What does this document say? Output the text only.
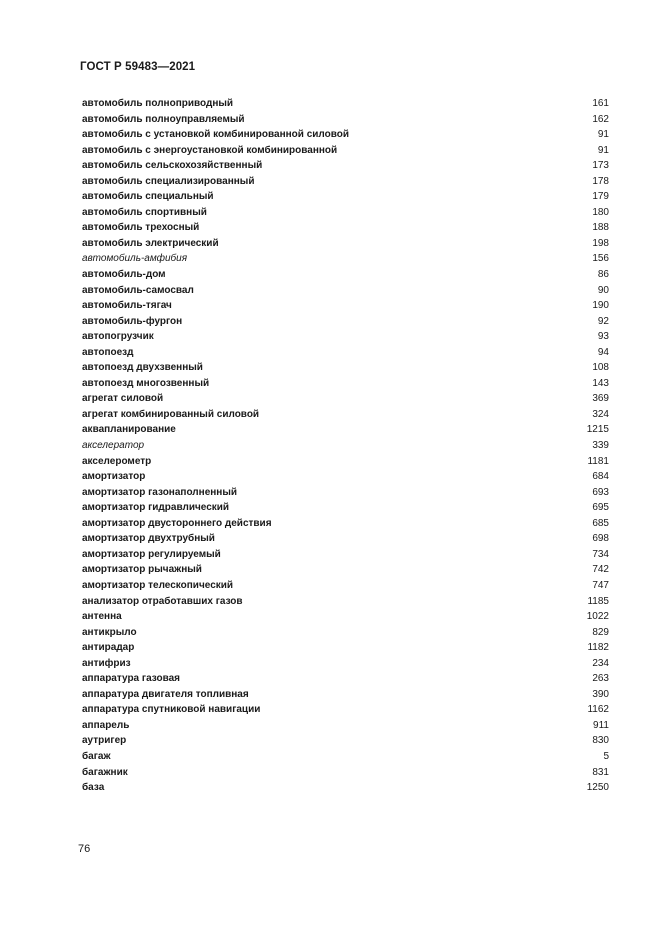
ГОСТ Р 59483—2021
автомобиль полноприводный	161
автомобиль полноуправляемый	162
автомобиль с установкой комбинированной силовой	91
автомобиль с энергоустановкой комбинированной	91
автомобиль сельскохозяйственный	173
автомобиль специализированный	178
автомобиль специальный	179
автомобиль спортивный	180
автомобиль трехосный	188
автомобиль электрический	198
автомобиль-амфибия	156
автомобиль-дом	86
автомобиль-самосвал	90
автомобиль-тягач	190
автомобиль-фургон	92
автопогрузчик	93
автопоезд	94
автопоезд двухзвенный	108
автопоезд многозвенный	143
агрегат силовой	369
агрегат комбинированный силовой	324
аквапланирование	1215
акселератор	339
акселерометр	1181
амортизатор	684
амортизатор газонаполненный	693
амортизатор гидравлический	695
амортизатор двустороннего действия	685
амортизатор двухтрубный	698
амортизатор регулируемый	734
амортизатор рычажный	742
амортизатор телескопический	747
анализатор отработавших газов	1185
антенна	1022
антикрыло	829
антирадар	1182
антифриз	234
аппаратура газовая	263
аппаратура двигателя топливная	390
аппаратура спутниковой навигации	1162
аппарель	911
аутригер	830
багаж	5
багажник	831
база	1250
76
